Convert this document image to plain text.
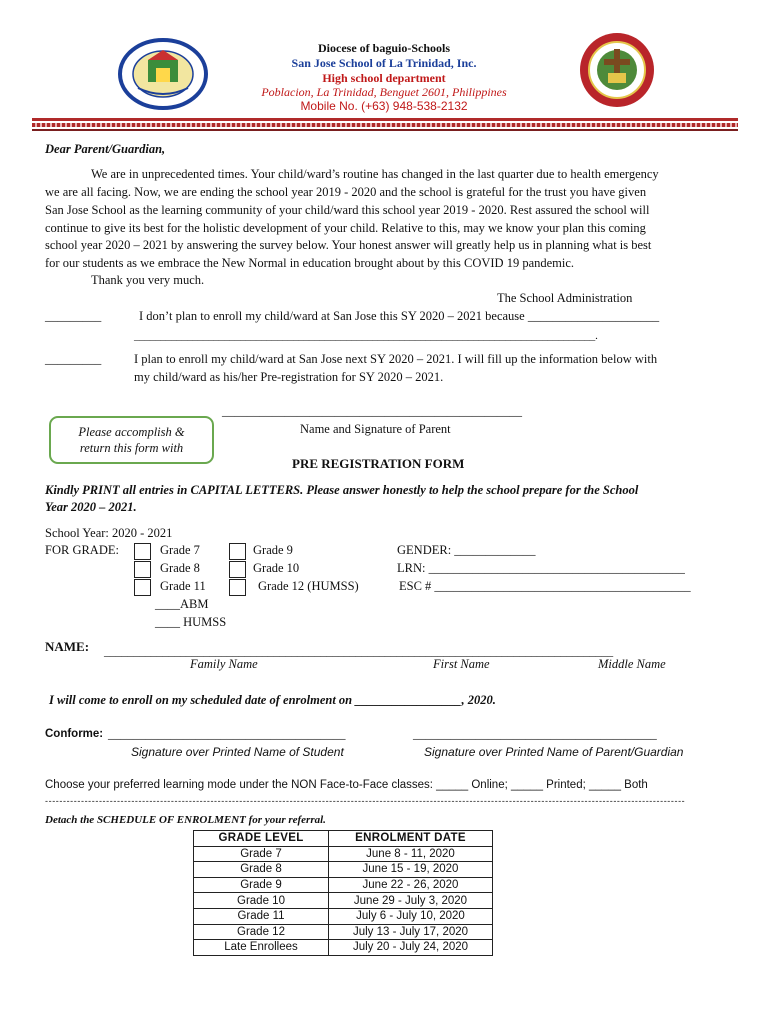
Diocese of baguio-Schools
San Jose School of La Trinidad, Inc.
High school department
Poblacion, La Trinidad, Benguet 2601, Philippines
Mobile No. (+63) 948-538-2132
Dear Parent/Guardian,
We are in unprecedented times. Your child/ward’s routine has changed in the last quarter due to health emergency
we are all facing. Now, we are ending the school year 2019 - 2020 and the school is grateful for the trust you have given
San Jose School as the learning community of your child/ward this school year 2019 - 2020. Rest assured the school will
continue to give its best for the holistic development of your child. Relative to this, may we know your plan this coming
school year 2020 – 2021 by answering the survey below. Your honest answer will greatly help us in planning what is best
for our students as we embrace the New Normal in education brought about by this COVID 19 pandemic.
Thank you very much.
The School Administration
_________	I don’t plan to enroll my child/ward at San Jose this SY 2020 – 2021 because _____________________
_______________________________________________________________________________________.
_________	I plan to enroll my child/ward at San Jose next SY 2020 – 2021. I will fill up the information below with
my child/ward as his/her Pre-registration for SY 2020 – 2021.
Please accomplish &
return this form with
________________________________________________
Name and Signature of Parent
PRE REGISTRATION FORM
Kindly PRINT all entries in CAPITAL LETTERS. Please answer honestly to help the school prepare for the School
Year 2020 – 2021.
School Year: 2020 - 2021
FOR GRADE:	Grade 7	Grade 9
Grade 8	Grade 10
Grade 11	Grade 12 (HUMSS)
____ABM
____ HUMSS
GENDER: _____________
LRN: _________________________________________
ESC # _________________________________________
NAME: _______________________________________________________________________________________
Family Name	First Name	Middle Name
I will come to enroll on my scheduled date of enrolment on _________________, 2020.
Conforme: ______________________________________	_______________________________________
Signature over Printed Name of Student	Signature over Printed Name of Parent/Guardian
Choose your preferred learning mode under the NON Face-to-Face classes: _____ Online; _____ Printed; _____ Both
----------------------------------------------------------------------------------------------------------------------------------------------------------------------------------
Detach the SCHEDULE OF ENROLMENT for your referral.
GRADE LEVEL	ENROLMENT DATE
Grade 7	June 8 - 11, 2020
Grade 8	June 15 - 19, 2020
Grade 9	June 22 - 26, 2020
Grade 10	June 29 - July 3, 2020
Grade 11	July 6 - July 10, 2020
Grade 12	July 13 - July 17, 2020
Late Enrollees	July 20 - July 24, 2020
